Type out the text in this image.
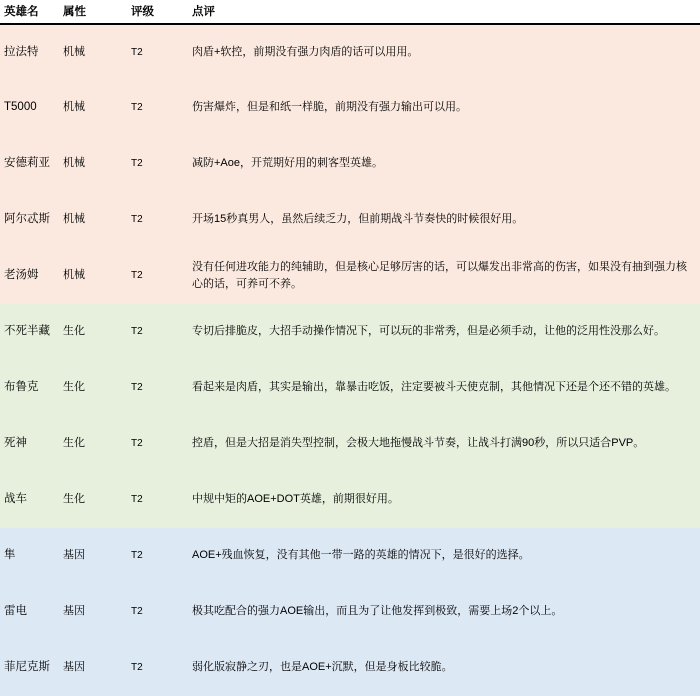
英雄名	属性	评级	点评
拉法特	机械	T2	肉盾+软控，前期没有强力肉盾的话可以用用。
T5000	机械	T2	伤害爆炸，但是和纸一样脆，前期没有强力输出可以用。
安德莉亚	机械	T2	减防+Aoe，开荒期好用的刺客型英雄。
阿尔忒斯	机械	T2	开场15秒真男人，虽然后续乏力，但前期战斗节奏快的时候很好用。
老汤姆	机械	T2	没有任何进攻能力的纯辅助，但是核心足够厉害的话，可以爆发出非常高的伤害，如果没有抽到强力核心的话，可养可不养。
不死半藏	生化	T2	专切后排脆皮，大招手动操作情况下，可以玩的非常秀，但是必须手动，让他的泛用性没那么好。
布鲁克	生化	T2	看起来是肉盾，其实是输出，靠暴击吃饭，注定要被斗天使克制，其他情况下还是个还不错的英雄。
死神	生化	T2	控盾，但是大招是消失型控制，会极大地拖慢战斗节奏，让战斗打满90秒，所以只适合PVP。
战车	生化	T2	中规中矩的AOE+DOT英雄，前期很好用。
隼	基因	T2	AOE+残血恢复，没有其他一带一路的英雄的情况下，是很好的选择。
雷电	基因	T2	极其吃配合的强力AOE输出，而且为了让他发挥到极致，需要上场2个以上。
菲尼克斯	基因	T2	弱化版寂静之刃，也是AOE+沉默，但是身板比较脆。
